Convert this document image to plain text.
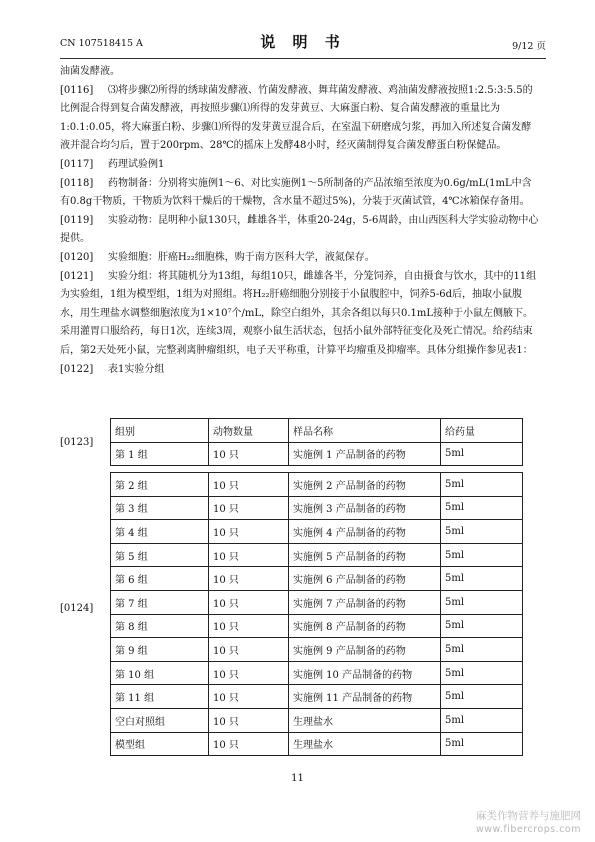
CN 107518415 A	说 明 书	9/12 页
油菌发酵液。
[0116]	⑶将步骤⑵所得的绣球菌发酵液、竹菌发酵液、舞茸菌发酵液、鸡油菌发酵液按照1:2.5:3:5.5的比例混合得到复合菌发酵液，再按照步骤⑴所得的发芽黄豆、大麻蛋白粉、复合菌发酵液的重量比为1:0.1:0.05，将大麻蛋白粉、步骤⑴所得的发芽黄豆混合后，在室温下研磨成匀浆，再加入所述复合菌发酵液并混合均匀后，置于200rpm、28℃的摇床上发酵48小时，经灭菌制得复合菌发酵蛋白粉保健品。
[0117]	药理试验例1
[0118]	药物制备：分别将实施例1～6、对比实施例1～5所制备的产品浓缩至浓度为0.6g/mL(1mL中含有0.8g干物质，干物质为饮料干燥后的干燥物，含水量不超过5%)，分装于灭菌试管，4℃冰箱保存备用。
[0119]	实验动物：昆明种小鼠130只，雌雄各半，体重20-24g，5-6周龄，由山西医科大学实验动物中心提供。
[0120]	实验细胞：肝癌H₂₂细胞株，购于南方医科大学，液氮保存。
[0121]	实验分组：将其随机分为13组，每组10只，雌雄各半，分笼饲养，自由摄食与饮水，其中的11组为实验组，1组为模型组，1组为对照组。将H₂₂肝癌细胞分别接于小鼠腹腔中，饲养5-6d后，抽取小鼠腹水，用生理盐水调整细胞浓度为1×10⁷个/mL，除空白组外，其余各组以每只0.1mL接种于小鼠左侧腋下。采用灌胃口服给药，每日1次，连续3周，观察小鼠生活状态，包括小鼠外部特征变化及死亡情况。给药结束后，第2天处死小鼠，完整剥离肿瘤组织，电子天平称重，计算平均瘤重及抑瘤率。具体分组操作参见表1：
[0122] 表1实验分组
[0123]
组别	动物数量	样品名称	给药量
第 1 组	10 只	实施例 1 产品制备的药物	5ml
[0124]
第 2 组	10 只	实施例 2 产品制备的药物	5ml
第 3 组	10 只	实施例 3 产品制备的药物	5ml
第 4 组	10 只	实施例 4 产品制备的药物	5ml
第 5 组	10 只	实施例 5 产品制备的药物	5ml
第 6 组	10 只	实施例 6 产品制备的药物	5ml
第 7 组	10 只	实施例 7 产品制备的药物	5ml
第 8 组	10 只	实施例 8 产品制备的药物	5ml
第 9 组	10 只	实施例 9 产品制备的药物	5ml
第 10 组	10 只	实施例 10 产品制备的药物	5ml
第 11 组	10 只	实施例 11 产品制备的药物	5ml
空白对照组	10 只	生理盐水	5ml
模型组	10 只	生理盐水	5ml
11
麻类作物营养与施肥网
www.fibercrops.com
